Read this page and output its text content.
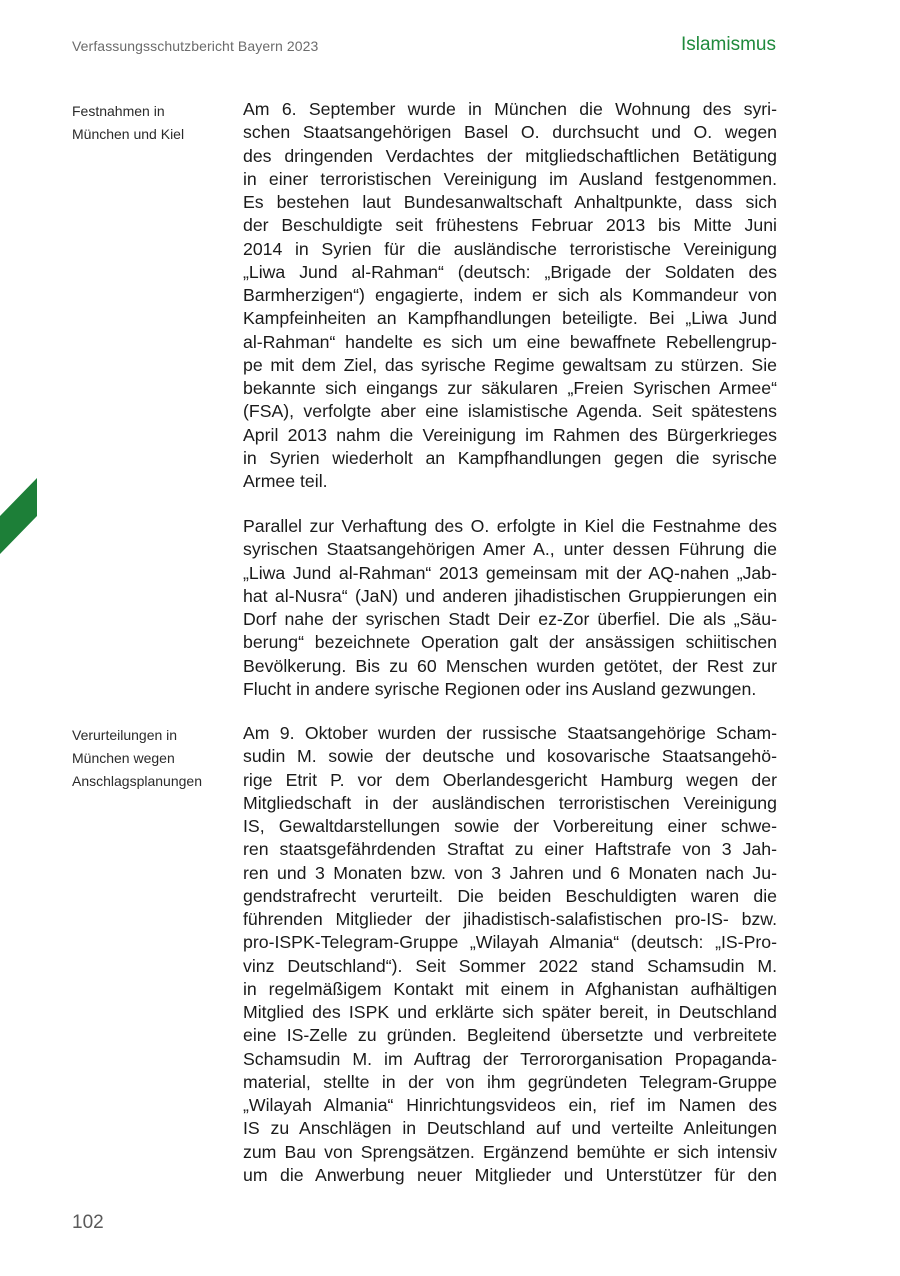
Verfassungsschutzbericht Bayern 2023	Islamismus
Festnahmen in
München und Kiel
Verurteilungen in
München wegen
Anschlagsplanungen
Am 6. September wurde in München die Wohnung des syri-
schen Staatsangehörigen Basel O. durchsucht und O. wegen
des dringenden Verdachtes der mitgliedschaftlichen Betätigung
in einer terroristischen Vereinigung im Ausland festgenommen.
Es bestehen laut Bundesanwaltschaft Anhaltpunkte, dass sich
der Beschuldigte seit frühestens Februar 2013 bis Mitte Juni
2014 in Syrien für die ausländische terroristische Vereinigung
„Liwa Jund al-Rahman“ (deutsch: „Brigade der Soldaten des
Barmherzigen“) engagierte, indem er sich als Kommandeur von
Kampfeinheiten an Kampfhandlungen beteiligte. Bei „Liwa Jund
al-Rahman“ handelte es sich um eine bewaffnete Rebellengrup-
pe mit dem Ziel, das syrische Regime gewaltsam zu stürzen. Sie
bekannte sich eingangs zur säkularen „Freien Syrischen Armee“
(FSA), verfolgte aber eine islamistische Agenda. Seit spätestens
April 2013 nahm die Vereinigung im Rahmen des Bürgerkrieges
in Syrien wiederholt an Kampfhandlungen gegen die syrische
Armee teil.
Parallel zur Verhaftung des O. erfolgte in Kiel die Festnahme des
syrischen Staatsangehörigen Amer A., unter dessen Führung die
„Liwa Jund al-Rahman“ 2013 gemeinsam mit der AQ-nahen „Jab-
hat al-Nusra“ (JaN) und anderen jihadistischen Gruppierungen ein
Dorf nahe der syrischen Stadt Deir ez-Zor überfiel. Die als „Säu-
berung“ bezeichnete Operation galt der ansässigen schiitischen
Bevölkerung. Bis zu 60 Menschen wurden getötet, der Rest zur
Flucht in andere syrische Regionen oder ins Ausland gezwungen.
Am 9. Oktober wurden der russische Staatsangehörige Scham-
sudin M. sowie der deutsche und kosovarische Staatsangehö-
rige Etrit P. vor dem Oberlandesgericht Hamburg wegen der
Mitgliedschaft in der ausländischen terroristischen Vereinigung
IS, Gewaltdarstellungen sowie der Vorbereitung einer schwe-
ren staatsgefährdenden Straftat zu einer Haftstrafe von 3 Jah-
ren und 3 Monaten bzw. von 3 Jahren und 6 Monaten nach Ju-
gendstrafrecht verurteilt. Die beiden Beschuldigten waren die
führenden Mitglieder der jihadistisch-salafistischen pro-IS- bzw.
pro-ISPK-Telegram-Gruppe „Wilayah Almania“ (deutsch: „IS-Pro-
vinz Deutschland“). Seit Sommer 2022 stand Schamsudin M.
in regelmäßigem Kontakt mit einem in Afghanistan aufhältigen
Mitglied des ISPK und erklärte sich später bereit, in Deutschland
eine IS-Zelle zu gründen. Begleitend übersetzte und verbreitete
Schamsudin M. im Auftrag der Terrororganisation Propaganda-
material, stellte in der von ihm gegründeten Telegram-Gruppe
„Wilayah Almania“ Hinrichtungsvideos ein, rief im Namen des
IS zu Anschlägen in Deutschland auf und verteilte Anleitungen
zum Bau von Sprengsätzen. Ergänzend bemühte er sich intensiv
um die Anwerbung neuer Mitglieder und Unterstützer für den
102
